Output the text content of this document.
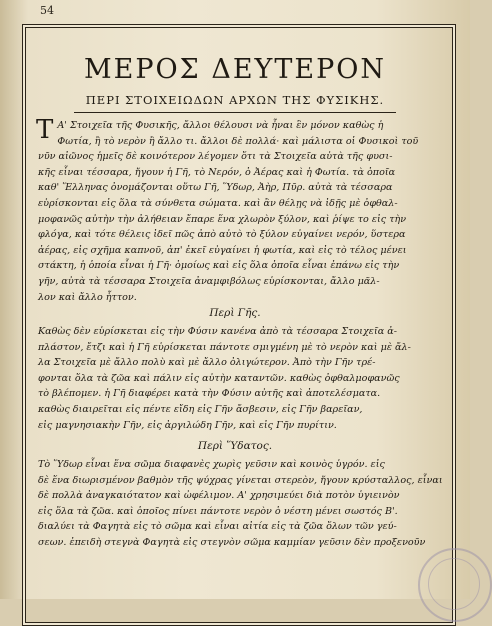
54
ΜΕΡΟΣ ΔΕΥΤΕΡΟΝ
ΠΕΡΙ ΣΤΟΙΧΕΙΩΔΩΝ ΑΡΧΩΝ ΤΗΣ ΦΥΣΙΚΗΣ.
Τ Α' Στοιχεῖα τῆς Φυσικῆς, ἄλλοι θέλουσι νὰ ἦναι ἓν μόνον καθὼς ἡ
Φωτία, ἢ τὸ νερὸν ἢ ἄλλο τι. ἄλλοι δὲ πολλά· καὶ μάλιστα οἱ Φυσικοὶ τοῦ
νῦν αἰῶνος ἡμεῖς δὲ κοινότερον λέγομεν ὅτι τὰ Στοιχεῖα αὐτὰ τῆς φυσι-
κῆς εἶναι τέσσαρα, ἤγουν ἡ Γῆ, τὸ Νερόν, ὁ Ἀέρας καὶ ἡ Φωτία. τὰ ὁποῖα
καθ' Ἕλληνας ὀνομάζονται οὕτω Γῆ, Ὕδωρ, Ἀὴρ, Πῦρ. αὐτὰ τὰ τέσσαρα
εὑρίσκονται εἰς ὅλα τὰ σύνθετα σώματα. καὶ ἂν θέλῃς νὰ ἰδῇς μὲ ὀφθαλ-
μοφανῶς αὐτὴν τὴν ἀλήθειαν ἔπαρε ἕνα χλωρὸν ξύλον, καὶ ῥίψε το εἰς τὴν
φλόγα, καὶ τότε θέλεις ἰδεῖ πῶς ἀπὸ αὐτὸ τὸ ξύλον εὐγαίνει νερόν, ὕστερα
ἀέρας, εἰς σχῆμα καπνοῦ, ἀπ' ἐκεῖ εὐγαίνει ἡ φωτία, καὶ εἰς τὸ τέλος μένει
στάκτη, ἡ ὁποία εἶναι ἡ Γῆ· ὁμοίως καὶ εἰς ὅλα ὁποῖα εἶναι ἐπάνω εἰς τὴν
γῆν, αὐτὰ τὰ τέσσαρα Στοιχεῖα ἀναμφιβόλως εὑρίσκονται, ἄλλο μᾶλ-
λον καὶ ἄλλο ἧττον.
Περὶ Γῆς.
Καθὼς δὲν εὑρίσκεται εἰς τὴν Φύσιν κανένα ἀπὸ τὰ τέσσαρα Στοιχεῖα ἀ-
πλάστον, ἔτζι καὶ ἡ Γῆ εὑρίσκεται πάντοτε σμιγμένη μὲ τὸ νερὸν καὶ μὲ ἄλ-
λα Στοιχεῖα μὲ ἄλλο πολὺ καὶ μὲ ἄλλο ὀλιγώτερον. Ἀπὸ τὴν Γῆν τρέ-
φονται ὅλα τὰ ζῶα καὶ πάλιν εἰς αὐτὴν καταντῶν. καθὼς ὀφθαλμοφανῶς
τὸ βλέπομεν. ἡ Γῆ διαφέρει κατὰ τὴν Φύσιν αὐτῆς καὶ ἀποτελέσματα.
καθὼς διαιρεῖται εἰς πέντε εἴδη εἰς Γῆν ἄσβεσιν, εἰς Γῆν βαρεῖαν,
εἰς μαγνησιακὴν Γῆν, εἰς ἀργιλώδη Γῆν, καὶ εἰς Γῆν πυρίτιν.
Περὶ Ὕδατος.
Τὸ Ὕδωρ εἶναι ἕνα σῶμα διαφανὲς χωρὶς γεῦσιν καὶ κοινὸς ὑγρόν. εἰς
δὲ ἕνα διωρισμένον βαθμὸν τῆς ψύχρας γίνεται στερεὸν, ἤγουν κρύσταλλος, εἶναι
δὲ πολλὰ ἀναγκαιότατον καὶ ὠφέλιμον. Α' χρησιμεύει διὰ ποτὸν ὑγιεινὸν
εἰς ὅλα τὰ ζῶα. καὶ ὁποῖος πίνει πάντοτε νερὸν ὁ νέστη μένει σωστός Β'.
διαλύει τὰ Φαγητὰ εἰς τὸ σῶμα καὶ εἶναι αἰτία εἰς τὰ ζῶα ὅλων τῶν γεύ-
σεων. ἐπειδὴ στεγνὰ Φαγητὰ εἰς στεγνὸν σῶμα καμμίαν γεῦσιν δὲν προξενοῦν
